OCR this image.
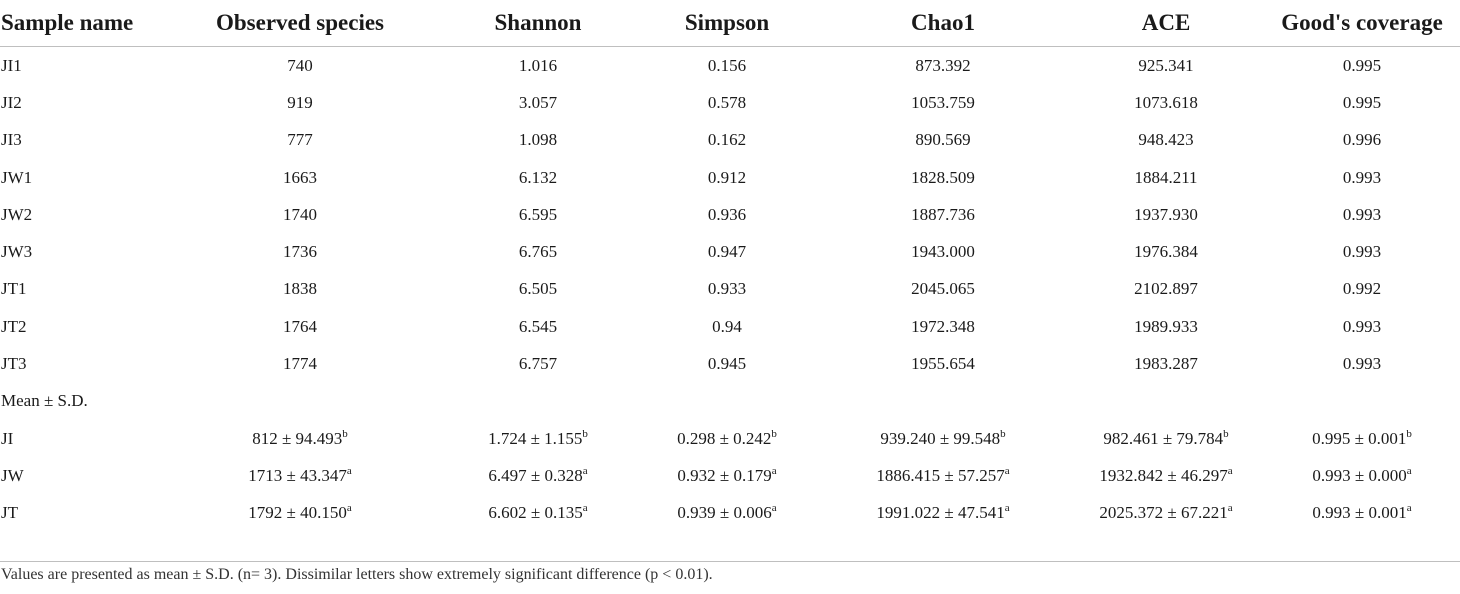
Sample name	Observed species	Shannon	Simpson	Chao1	ACE	Good's coverage
JI1	740	1.016	0.156	873.392	925.341	0.995
JI2	919	3.057	0.578	1053.759	1073.618	0.995
JI3	777	1.098	0.162	890.569	948.423	0.996
JW1	1663	6.132	0.912	1828.509	1884.211	0.993
JW2	1740	6.595	0.936	1887.736	1937.930	0.993
JW3	1736	6.765	0.947	1943.000	1976.384	0.993
JT1	1838	6.505	0.933	2045.065	2102.897	0.992
JT2	1764	6.545	0.94	1972.348	1989.933	0.993
JT3	1774	6.757	0.945	1955.654	1983.287	0.993
Mean ± S.D.						
JI	812 ± 94.493$^b$	1.724 ± 1.155$^b$	0.298 ± 0.242$^b$	939.240 ± 99.548$^b$	982.461 ± 79.784$^b$	0.995 ± 0.001$^b$
JW	1713 ± 43.347$^a$	6.497 ± 0.328$^a$	0.932 ± 0.179$^a$	1886.415 ± 57.257$^a$	1932.842 ± 46.297$^a$	0.993 ± 0.000$^a$
JT	1792 ± 40.150$^a$	6.602 ± 0.135$^a$	0.939 ± 0.006$^a$	1991.022 ± 47.541$^a$	2025.372 ± 67.221$^a$	0.993 ± 0.001$^a$
Values are presented as mean ± S.D. (n= 3). Dissimilar letters show extremely significant difference (p < 0.01).
